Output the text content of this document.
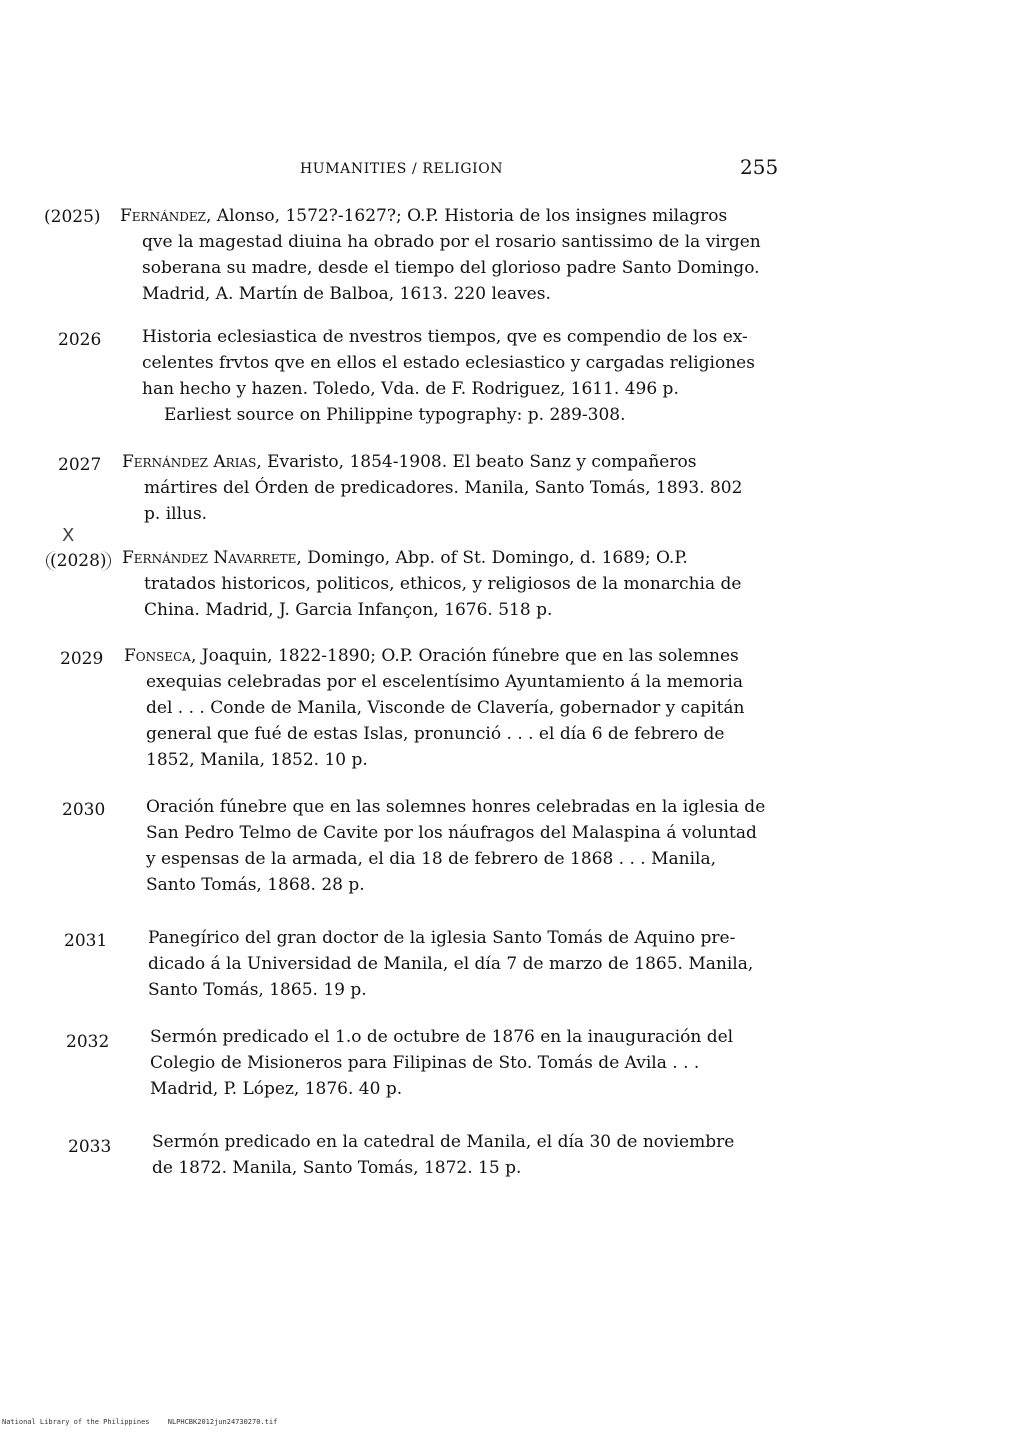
HUMANITIES / RELIGION	255
(2025) Fernández, Alonso, 1572?-1627?; O.P. Historia de los insignes milagros
qve la magestad diuina ha obrado por el rosario santissimo de la virgen
soberana su madre, desde el tiempo del glorioso padre Santo Domingo.
Madrid, A. Martín de Balboa, 1613. 220 leaves.
2026 Historia eclesiastica de nvestros tiempos, qve es compendio de los ex-
celentes frvtos qve en ellos el estado eclesiastico y cargadas religiones
han hecho y hazen. Toledo, Vda. de F. Rodriguez, 1611. 496 p.
Earliest source on Philippine typography: p. 289-308.
2027 Fernández Arias, Evaristo, 1854-1908. El beato Sanz y compañeros
mártires del Órden de predicadores. Manila, Santo Tomás, 1893. 802
p. illus.
X
(2028) Fernández Navarrete, Domingo, Abp. of St. Domingo, d. 1689; O.P.
tratados historicos, politicos, ethicos, y religiosos de la monarchia de
China. Madrid, J. Garcia Infançon, 1676. 518 p.
2029 Fonseca, Joaquin, 1822-1890; O.P. Oración fúnebre que en las solemnes
exequias celebradas por el escelentísimo Ayuntamiento á la memoria
del . . . Conde de Manila, Visconde de Clavería, gobernador y capitán
general que fué de estas Islas, pronunció . . . el día 6 de febrero de
1852, Manila, 1852. 10 p.
2030 Oración fúnebre que en las solemnes honres celebradas en la iglesia de
San Pedro Telmo de Cavite por los náufragos del Malaspina á voluntad
y espensas de la armada, el dia 18 de febrero de 1868 . . . Manila,
Santo Tomás, 1868. 28 p.
2031 Panegírico del gran doctor de la iglesia Santo Tomás de Aquino pre-
dicado á la Universidad de Manila, el día 7 de marzo de 1865. Manila,
Santo Tomás, 1865. 19 p.
2032 Sermón predicado el 1.o de octubre de 1876 en la inauguración del
Colegio de Misioneros para Filipinas de Sto. Tomás de Avila . . .
Madrid, P. López, 1876. 40 p.
2033 Sermón predicado en la catedral de Manila, el día 30 de noviembre
de 1872. Manila, Santo Tomás, 1872. 15 p.
National Library of the Philippines	NLPHCBK2012jun24730270.tif
